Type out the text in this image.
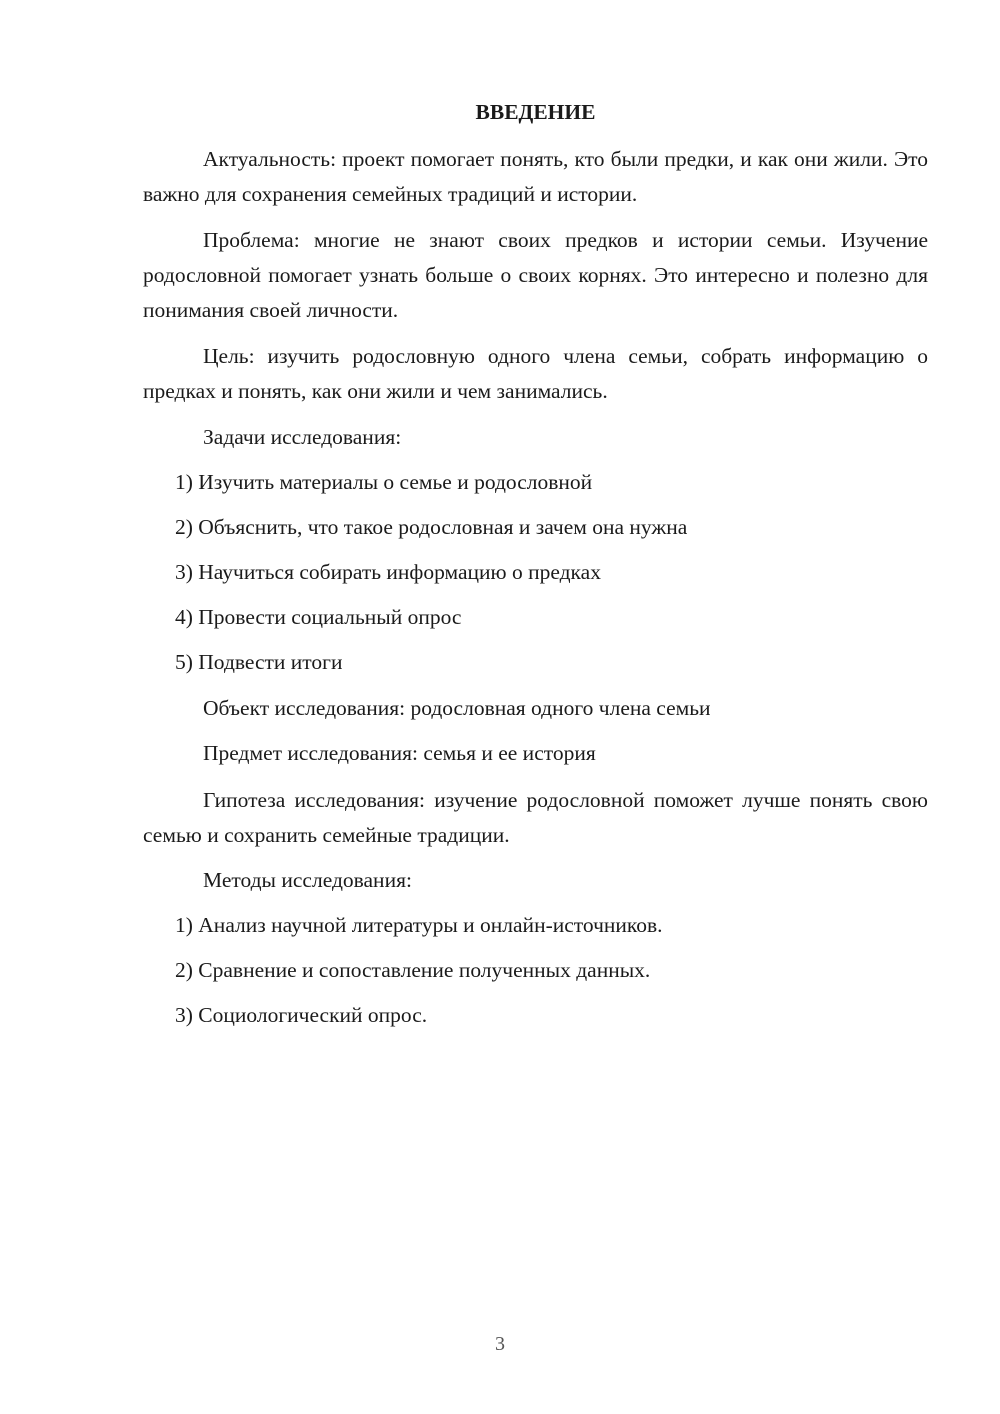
ВВЕДЕНИЕ

Актуальность: проект помогает понять, кто были предки, и как они жили. Это важно для сохранения семейных традиций и истории.

Проблема: многие не знают своих предков и истории семьи. Изучение родословной помогает узнать больше о своих корнях. Это интересно и полезно для понимания своей личности.

Цель: изучить родословную одного члена семьи, собрать информацию о предках и понять, как они жили и чем занимались.

Задачи исследования:
1) Изучить материалы о семье и родословной
2) Объяснить, что такое родословная и зачем она нужна
3) Научиться собирать информацию о предках
4) Провести социальный опрос
5) Подвести итоги
Объект исследования: родословная одного члена семьи
Предмет исследования: семья и ее история

Гипотеза исследования: изучение родословной поможет лучше понять свою семью и сохранить семейные традиции.

Методы исследования:
1) Анализ научной литературы и онлайн-источников.
2) Сравнение и сопоставление полученных данных.
3) Социологический опрос.
3
